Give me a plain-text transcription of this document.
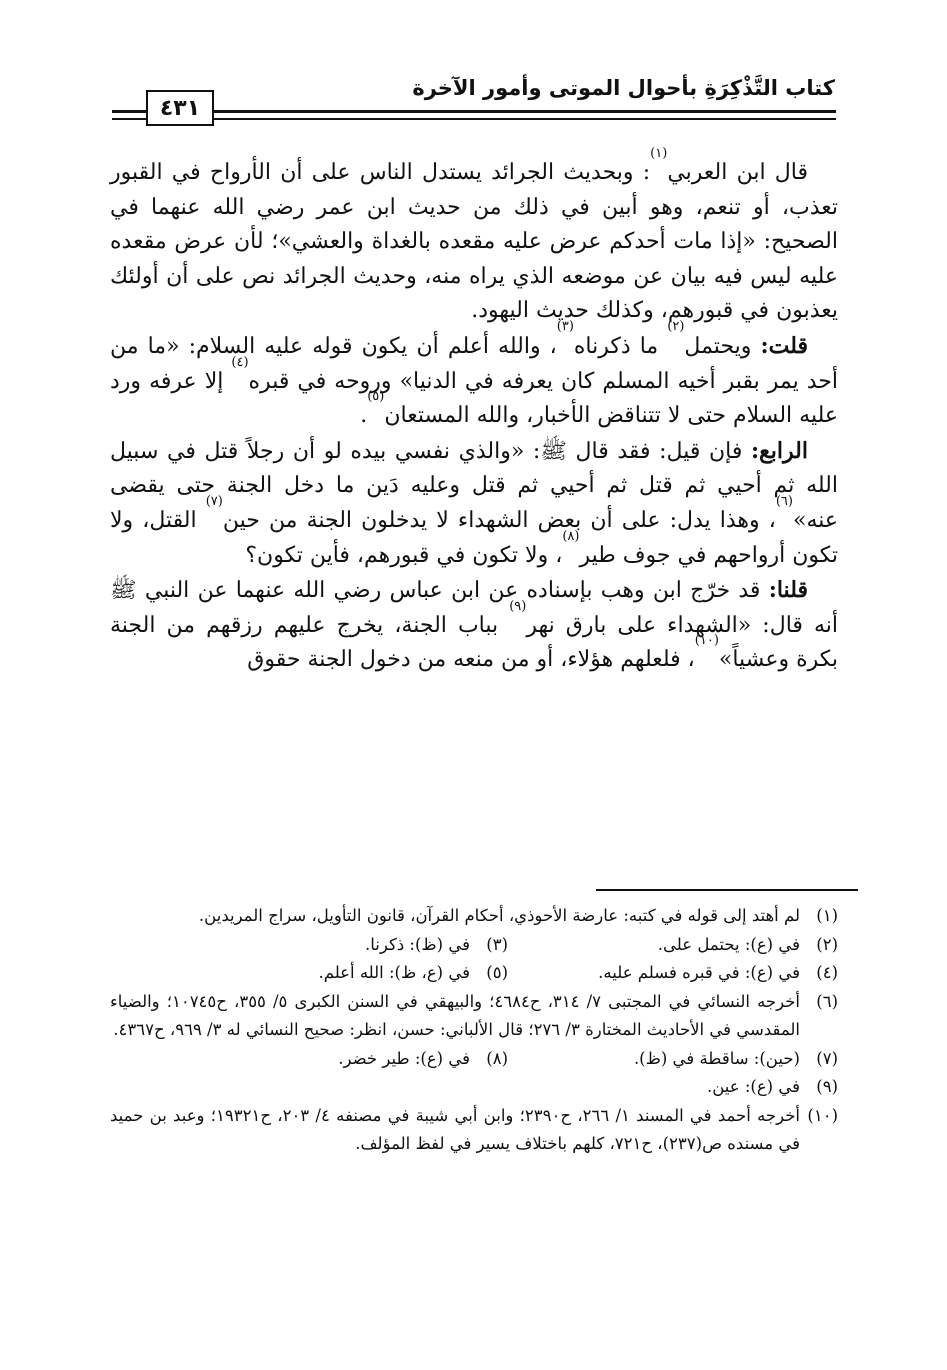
كتاب التَّذْكِرَةِ بأحوال الموتى وأمور الآخرة
٤٣١

قال ابن العربي$^{(١)}$: وبحديث الجرائد يستدل الناس على أن الأرواح في القبور تعذب، أو تنعم، وهو أبين في ذلك من حديث ابن عمر رضي الله عنهما في الصحيح: «إذا مات أحدكم عرض عليه مقعده بالغداة والعشي»؛ لأن عرض مقعده عليه ليس فيه بيان عن موضعه الذي يراه منه، وحديث الجرائد نص على أن أولئك يعذبون في قبورهم، وكذلك حديث اليهود.

قلت: ويحتمل$^{(٢)}$ ما ذكرناه$^{(٣)}$، والله أعلم أن يكون قوله عليه السلام: «ما من أحد يمر بقبر أخيه المسلم كان يعرفه في الدنيا» وروحه في قبره$^{(٤)}$ إلا عرفه ورد عليه السلام حتى لا تتناقض الأخبار، والله المستعان$^{(٥)}$.

الرابع: فإن قيل: فقد قال ﷺ: «والذي نفسي بيده لو أن رجلاً قتل في سبيل الله ثم أحيي ثم قتل ثم أحيي ثم قتل وعليه دَين ما دخل الجنة حتى يقضى عنه»$^{(٦)}$، وهذا يدل: على أن بعض الشهداء لا يدخلون الجنة من حين$^{(٧)}$ القتل، ولا تكون أرواحهم في جوف طير$^{(٨)}$، ولا تكون في قبورهم، فأين تكون؟

قلنا: قد خرّج ابن وهب بإسناده عن ابن عباس رضي الله عنهما عن النبي ﷺ أنه قال: «الشهداء على بارق نهر$^{(٩)}$ بباب الجنة، يخرج عليهم رزقهم من الجنة بكرة وعشياً»$^{(١٠)}$، فلعلهم هؤلاء، أو من منعه من دخول الجنة حقوق

(١)
لم أهتد إلى قوله في كتبه: عارضة الأحوذي، أحكام القرآن، قانون التأويل، سراج المريدين.
(٢)
في (ع): يحتمل على.
(٣)
في (ظ): ذكرنا.
(٤)
في (ع): في قبره فسلم عليه.
(٥)
في (ع، ظ): الله أعلم.
(٦)
أخرجه النسائي في المجتبى ٧/ ٣١٤، ح٤٦٨٤؛ والبيهقي في السنن الكبرى ٥/ ٣٥٥، ح١٠٧٤٥؛ والضياء المقدسي في الأحاديث المختارة ٣/ ٢٧٦؛ قال الألباني: حسن، انظر: صحيح النسائي له ٣/ ٩٦٩، ح٤٣٦٧.
(٧)
(حين): ساقطة في (ظ).
(٨)
في (ع): طير خضر.
(٩)
في (ع): عين.
(١٠)
أخرجه أحمد في المسند ١/ ٢٦٦، ح٢٣٩٠؛ وابن أبي شيبة في مصنفه ٤/ ٢٠٣، ح١٩٣٢١؛ وعبد بن حميد في مسنده ص(٢٣٧)، ح٧٢١، كلهم باختلاف يسير في لفظ المؤلف.
